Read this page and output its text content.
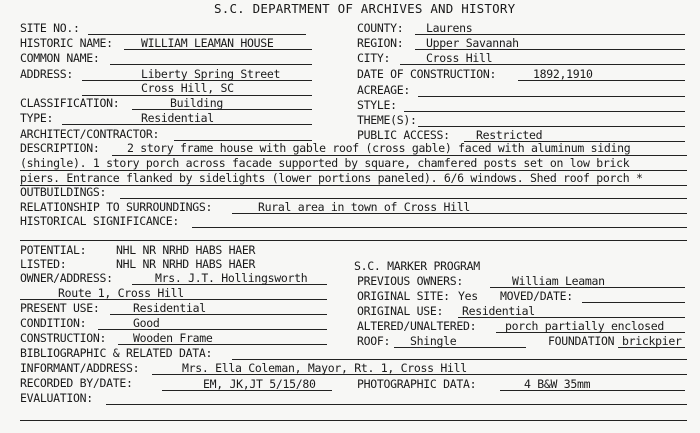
S.C. DEPARTMENT OF ARCHIVES AND HISTORY
SITE NO.:	COUNTY: Laurens
HISTORIC NAME: WILLIAM LEAMAN HOUSE	REGION: Upper Savannah
COMMON NAME:	CITY:	Cross Hill
ADDRESS:	Liberty Spring Street	DATE OF CONSTRUCTION:	1892,1910
Cross Hill, SC	ACREAGE:
CLASSIFICATION:	Building	STYLE:
TYPE:	Residential	THEME(S):
ARCHITECT/CONTRACTOR:	PUBLIC ACCESS: Restricted
DESCRIPTION: 2 story frame house with gable roof (cross gable) faced with aluminum siding
(shingle). 1 story porch across facade supported by square, chamfered posts set on low brick
piers. Entrance flanked by sidelights (lower portions paneled). 6/6 windows. Shed roof porch *
OUTBUILDINGS:
RELATIONSHIP TO SURROUNDINGS:	Rural area in town of Cross Hill
HISTORICAL SIGNIFICANCE:
POTENTIAL:	NHL NR NRHD HABS HAER
LISTED:	NHL NR NRHD HABS HAER	S.C. MARKER PROGRAM
OWNER/ADDRESS:	Mrs. J.T. Hollingsworth	PREVIOUS OWNERS:	William Leaman
Route 1, Cross Hill	ORIGINAL SITE: Yes MOVED/DATE:
PRESENT USE:	Residential	ORIGINAL USE: Residential
CONDITION:	Good	ALTERED/UNALTERED:	porch partially enclosed
CONSTRUCTION: Wooden Frame	ROOF: Shingle	FOUNDATION brickpier
BIBLIOGRAPHIC & RELATED DATA:
INFORMANT/ADDRESS:	Mrs. Ella Coleman, Mayor, Rt. 1, Cross Hill
RECORDED BY/DATE:	EM, JK,JT 5/15/80	PHOTOGRAPHIC DATA:	4 B&W 35mm
EVALUATION:
